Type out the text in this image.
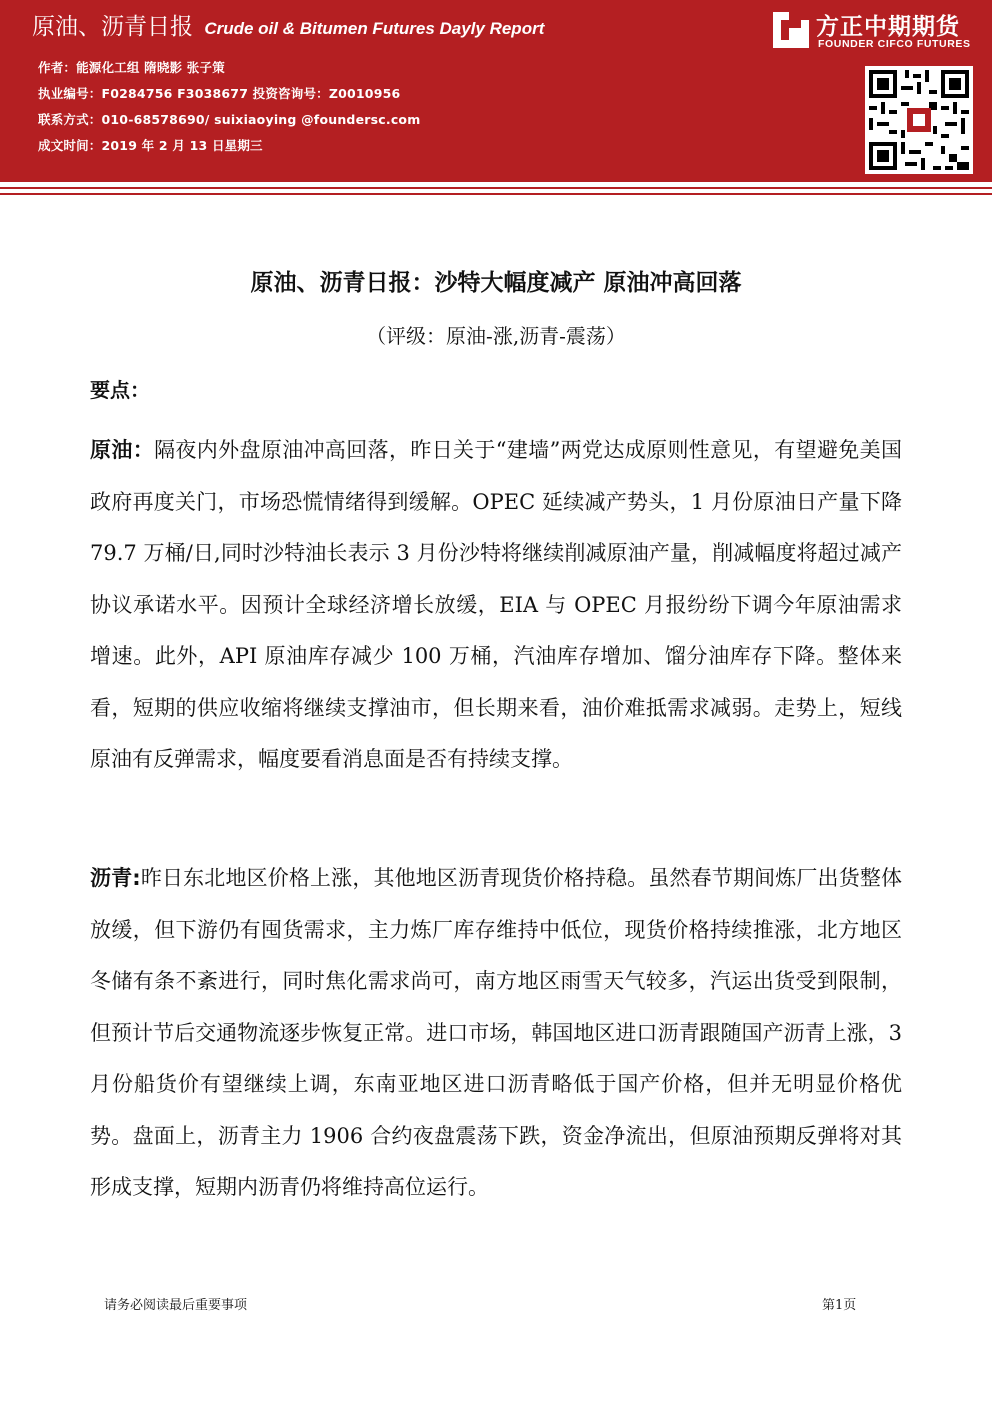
原油、沥青日报 Crude oil & Bitumen Futures Dayly Report
作者：能源化工组 隋晓影 张子策
执业编号：F0284756 F3038677 投资咨询号：Z0010956
联系方式：010-68578690/ suixiaoying @foundersc.com
成文时间：2019 年 2 月 13 日星期三
方正中期期货
FOUNDER CIFCO FUTURES
原油、沥青日报：沙特大幅度减产 原油冲高回落
（评级：原油-涨,沥青-震荡）
要点：
原油：隔夜内外盘原油冲高回落，昨日关于“建墙”两党达成原则性意见，有望避免美国政府再度关门，市场恐慌情绪得到缓解。OPEC 延续减产势头，1 月份原油日产量下降 79.7 万桶/日,同时沙特油长表示 3 月份沙特将继续削减原油产量，削减幅度将超过减产协议承诺水平。因预计全球经济增长放缓，EIA 与 OPEC 月报纷纷下调今年原油需求增速。此外，API 原油库存减少 100 万桶，汽油库存增加、馏分油库存下降。整体来看，短期的供应收缩将继续支撑油市，但长期来看，油价难抵需求减弱。走势上，短线原油有反弹需求，幅度要看消息面是否有持续支撑。
沥青:昨日东北地区价格上涨，其他地区沥青现货价格持稳。虽然春节期间炼厂出货整体放缓，但下游仍有囤货需求，主力炼厂库存维持中低位，现货价格持续推涨，北方地区冬储有条不紊进行，同时焦化需求尚可，南方地区雨雪天气较多，汽运出货受到限制，但预计节后交通物流逐步恢复正常。进口市场，韩国地区进口沥青跟随国产沥青上涨，3 月份船货价有望继续上调，东南亚地区进口沥青略低于国产价格，但并无明显价格优势。盘面上，沥青主力 1906 合约夜盘震荡下跌，资金净流出，但原油预期反弹将对其形成支撑，短期内沥青仍将维持高位运行。
请务必阅读最后重要事项	第1页
